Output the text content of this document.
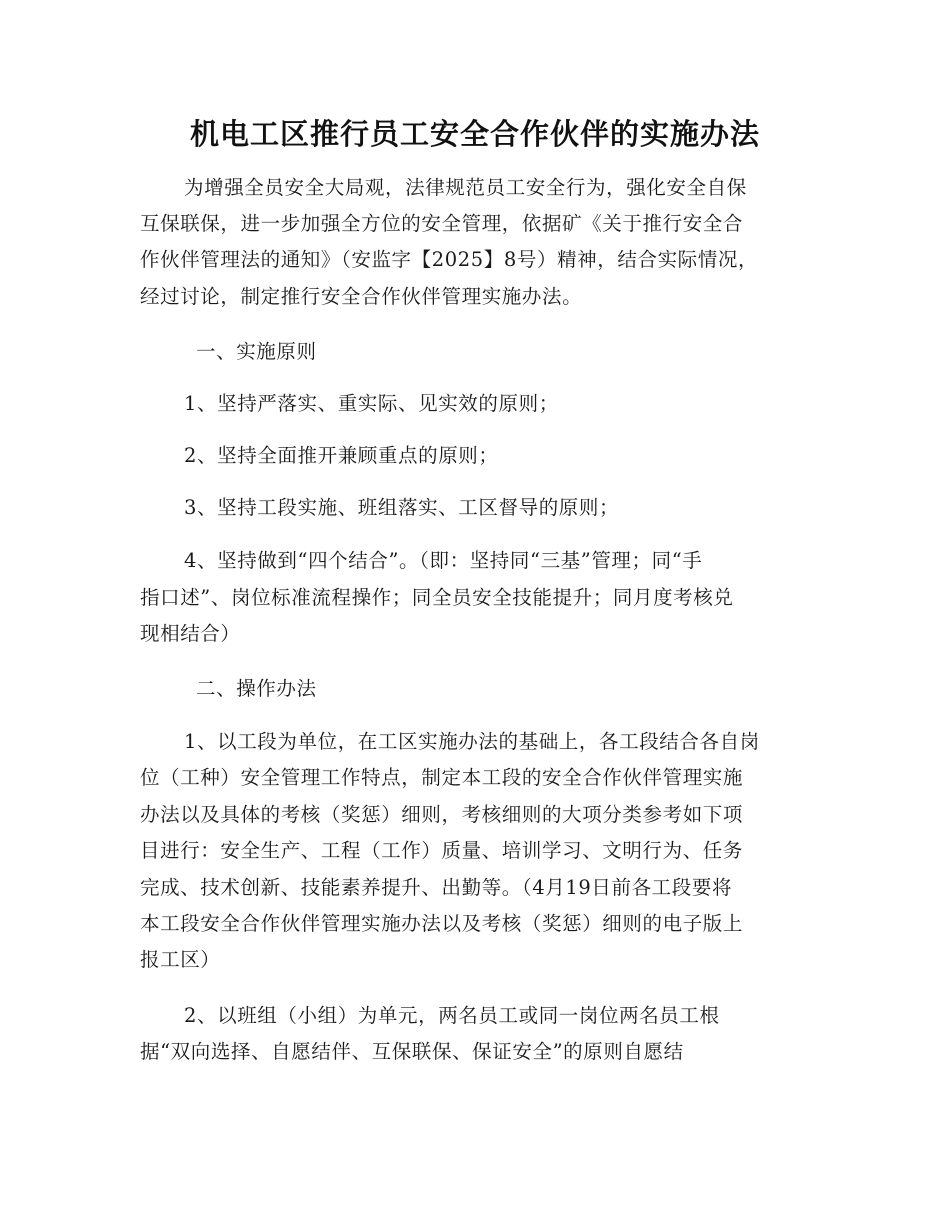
机电工区推行员工安全合作伙伴的实施办法
为增强全员安全大局观，法律规范员工安全行为，强化安全自保
互保联保，进一步加强全方位的安全管理，依据矿《关于推行安全合
作伙伴管理法的通知》（安监字【2025】8号）精神，结合实际情况，
经过讨论，制定推行安全合作伙伴管理实施办法。
一、实施原则
1、坚持严落实、重实际、见实效的原则；
2、坚持全面推开兼顾重点的原则；
3、坚持工段实施、班组落实、工区督导的原则；
4、坚持做到“四个结合”。（即：坚持同“三基”管理；同“手
指口述”、岗位标准流程操作；同全员安全技能提升；同月度考核兑
现相结合）
二、操作办法
1、以工段为单位，在工区实施办法的基础上，各工段结合各自岗
位（工种）安全管理工作特点，制定本工段的安全合作伙伴管理实施
办法以及具体的考核（奖惩）细则，考核细则的大项分类参考如下项
目进行：安全生产、工程（工作）质量、培训学习、文明行为、任务
完成、技术创新、技能素养提升、出勤等。（4月19日前各工段要将
本工段安全合作伙伴管理实施办法以及考核（奖惩）细则的电子版上
报工区）
2、以班组（小组）为单元，两名员工或同一岗位两名员工根
据“双向选择、自愿结伴、互保联保、保证安全”的原则自愿结
